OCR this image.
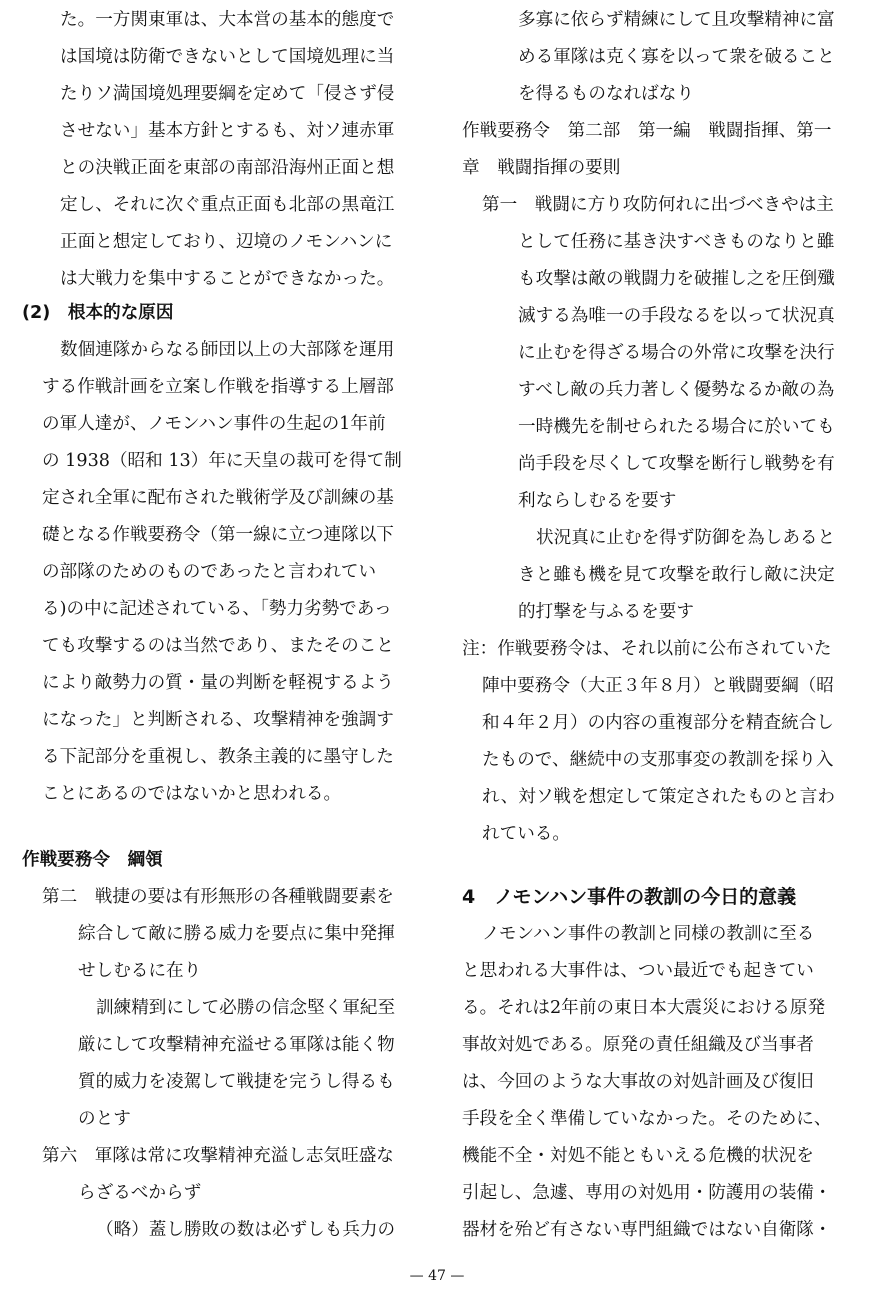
た。一方関東軍は、大本営の基本的態度で
は国境は防衛できないとして国境処理に当
たりソ満国境処理要綱を定めて「侵さず侵
させない」基本方針とするも、対ソ連赤軍
との決戦正面を東部の南部沿海州正面と想
定し、それに次ぐ重点正面も北部の黒竜江
正面と想定しており、辺境のノモンハンに
は大戦力を集中することができなかった。
(2)　根本的な原因
数個連隊からなる師団以上の大部隊を運用
する作戦計画を立案し作戦を指導する上層部
の軍人達が、ノモンハン事件の生起の1年前
の 1938（昭和 13）年に天皇の裁可を得て制
定され全軍に配布された戦術学及び訓練の基
礎となる作戦要務令（第一線に立つ連隊以下
の部隊のためのものであったと言われてい
る)の中に記述されている、「勢力劣勢であっ
ても攻撃するのは当然であり、またそのこと
により敵勢力の質・量の判断を軽視するよう
になった」と判断される、攻撃精神を強調す
る下記部分を重視し、教条主義的に墨守した
ことにあるのではないかと思われる。
作戦要務令　綱領
第二　戦捷の要は有形無形の各種戦闘要素を
綜合して敵に勝る威力を要点に集中発揮
せしむるに在り
訓練精到にして必勝の信念堅く軍紀至
厳にして攻撃精神充溢せる軍隊は能く物
質的威力を凌駕して戦捷を完うし得るも
のとす
第六　軍隊は常に攻撃精神充溢し志気旺盛な
らざるべからず
（略）蓋し勝敗の数は必ずしも兵力の
多寡に依らず精練にして且攻撃精神に富
める軍隊は克く寡を以って衆を破ること
を得るものなればなり
作戦要務令　第二部　第一編　戦闘指揮、第一
章　戦闘指揮の要則
第一　戦闘に方り攻防何れに出づべきやは主
として任務に基き決すべきものなりと雖
も攻撃は敵の戦闘力を破摧し之を圧倒殲
滅する為唯一の手段なるを以って状況真
に止むを得ざる場合の外常に攻撃を決行
すべし敵の兵力著しく優勢なるか敵の為
一時機先を制せられたる場合に於いても
尚手段を尽くして攻撃を断行し戦勢を有
利ならしむるを要す
状況真に止むを得ず防御を為しあると
きと雖も機を見て攻撃を敢行し敵に決定
的打撃を与ふるを要す
注：作戦要務令は、それ以前に公布されていた
陣中要務令（大正３年８月）と戦闘要綱（昭
和４年２月）の内容の重複部分を精査統合し
たもので、継続中の支那事変の教訓を採り入
れ、対ソ戦を想定して策定されたものと言わ
れている。
4　ノモンハン事件の教訓の今日的意義
ノモンハン事件の教訓と同様の教訓に至る
と思われる大事件は、つい最近でも起きてい
る。それは2年前の東日本大震災における原発
事故対処である。原発の責任組織及び当事者
は、今回のような大事故の対処計画及び復旧
手段を全く準備していなかった。そのために、
機能不全・対処不能ともいえる危機的状況を
引起し、急遽、専用の対処用・防護用の装備・
器材を殆ど有さない専門組織ではない自衛隊・
— 47 —
